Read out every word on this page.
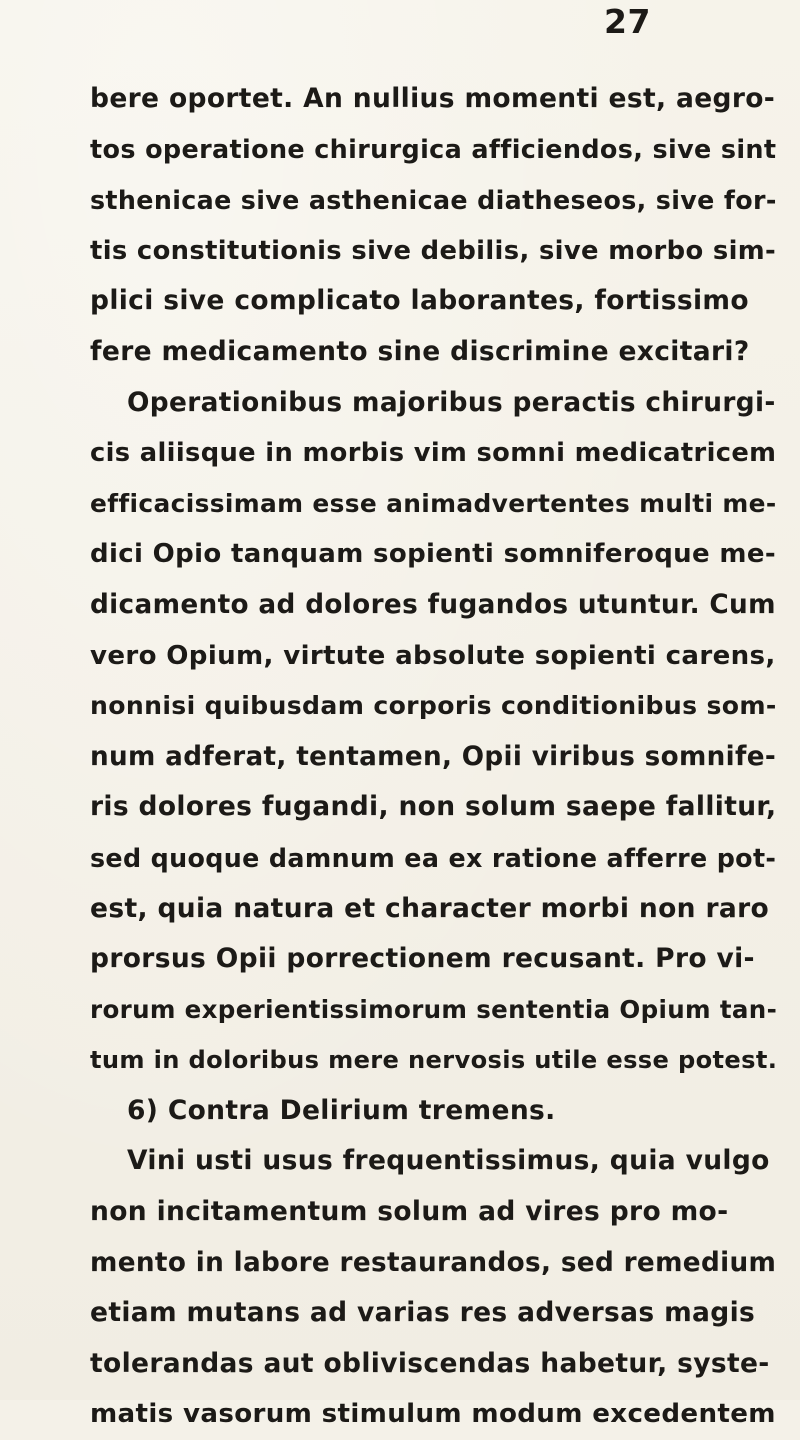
27
bere oportet. An nullius momenti est, aegro-
tos operatione chirurgica afficiendos, sive sint
sthenicae sive asthenicae diatheseos, sive for-
tis constitutionis sive debilis, sive morbo sim-
plici sive complicato laborantes, fortissimo
fere medicamento sine discrimine excitari?
Operationibus majoribus peractis chirurgi-
cis aliisque in morbis vim somni medicatricem
efficacissimam esse animadvertentes multi me-
dici Opio tanquam sopienti somniferoque me-
dicamento ad dolores fugandos utuntur. Cum
vero Opium, virtute absolute sopienti carens,
nonnisi quibusdam corporis conditionibus som-
num adferat, tentamen, Opii viribus somnife-
ris dolores fugandi, non solum saepe fallitur,
sed quoque damnum ea ex ratione afferre pot-
est, quia natura et character morbi non raro
prorsus Opii porrectionem recusant. Pro vi-
rorum experientissimorum sententia Opium tan-
tum in doloribus mere nervosis utile esse potest.
6) Contra Delirium tremens.
Vini usti usus frequentissimus, quia vulgo
non incitamentum solum ad vires pro mo-
mento in labore restaurandos, sed remedium
etiam mutans ad varias res adversas magis
tolerandas aut obliviscendas habetur, syste-
matis vasorum stimulum modum excedentem
